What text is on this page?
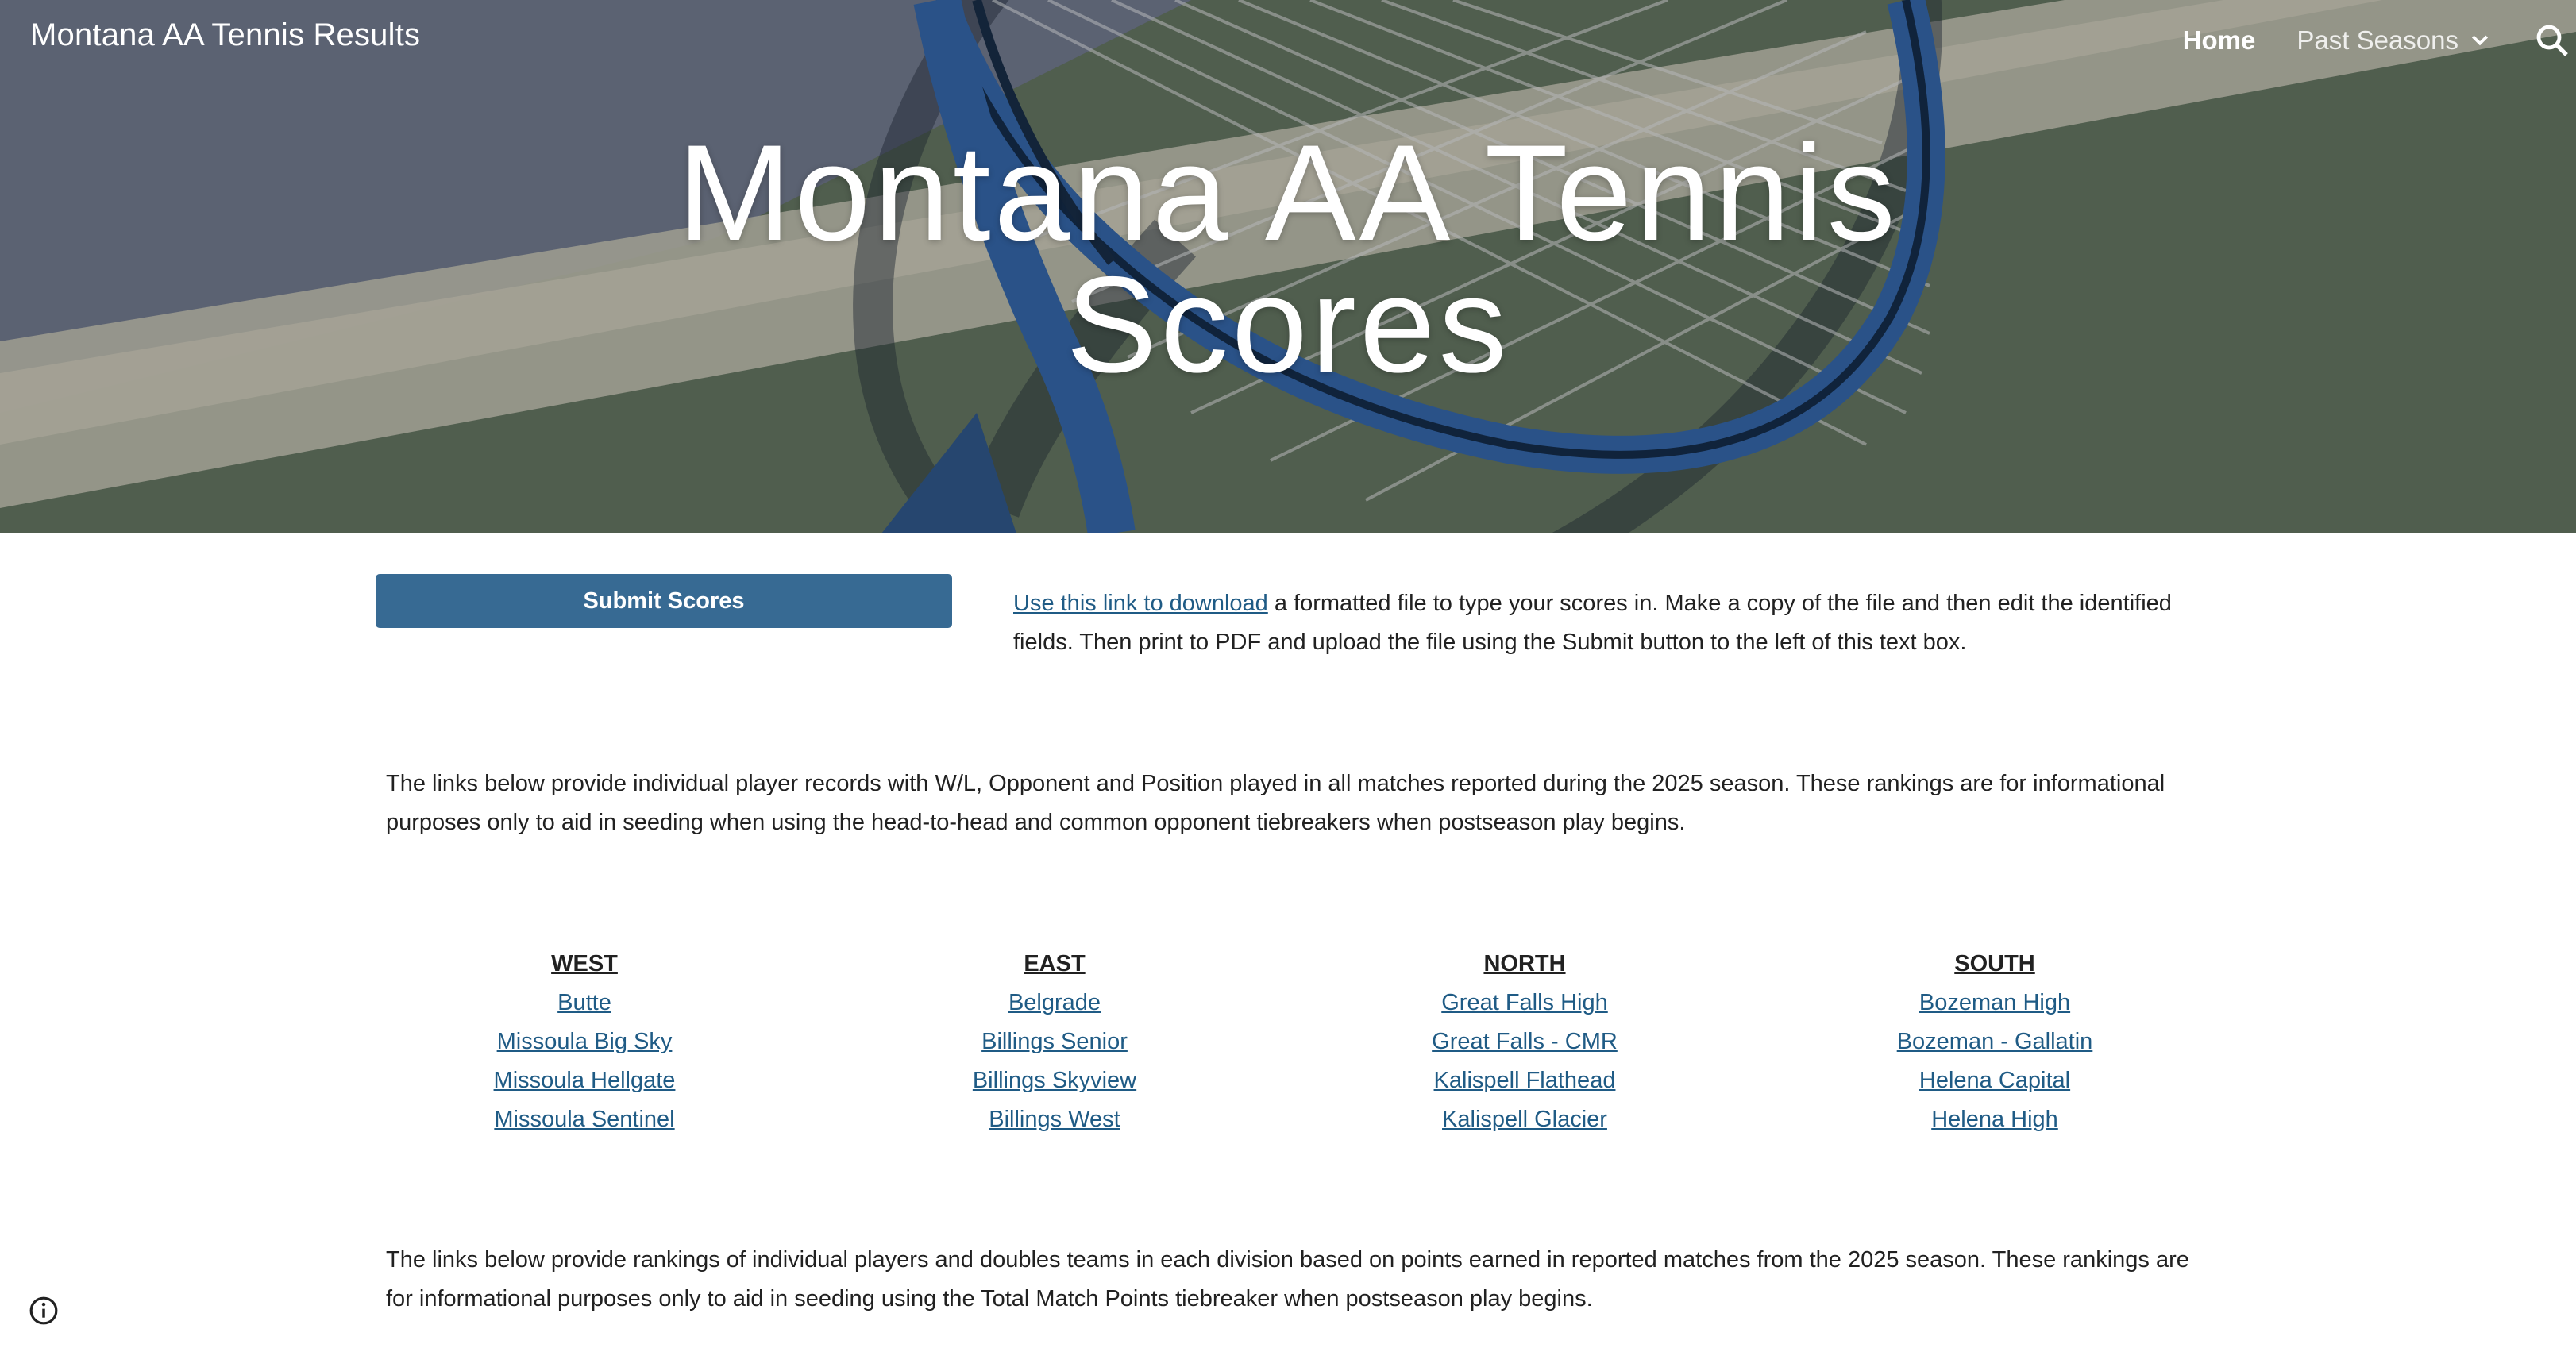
Montana AA Tennis Results	Home Past Seasons
Montana AA Tennis
Scores
Submit Scores	Use this link to download a formatted file to type your scores in. Make a copy of the file and then edit the identified fields. Then print to PDF and upload the file using the Submit button to the left of this text box.
The links below provide individual player records with W/L, Opponent and Position played in all matches reported during the 2025 season. These rankings are for informational purposes only to aid in seeding when using the head-to-head and common opponent tiebreakers when postseason play begins.
WEST
Butte
Missoula Big Sky
Missoula Hellgate
Missoula Sentinel
EAST
Belgrade
Billings Senior
Billings Skyview
Billings West
NORTH
Great Falls High
Great Falls - CMR
Kalispell Flathead
Kalispell Glacier
SOUTH
Bozeman High
Bozeman - Gallatin
Helena Capital
Helena High
The links below provide rankings of individual players and doubles teams in each division based on points earned in reported matches from the 2025 season. These rankings are for informational purposes only to aid in seeding using the Total Match Points tiebreaker when postseason play begins.
